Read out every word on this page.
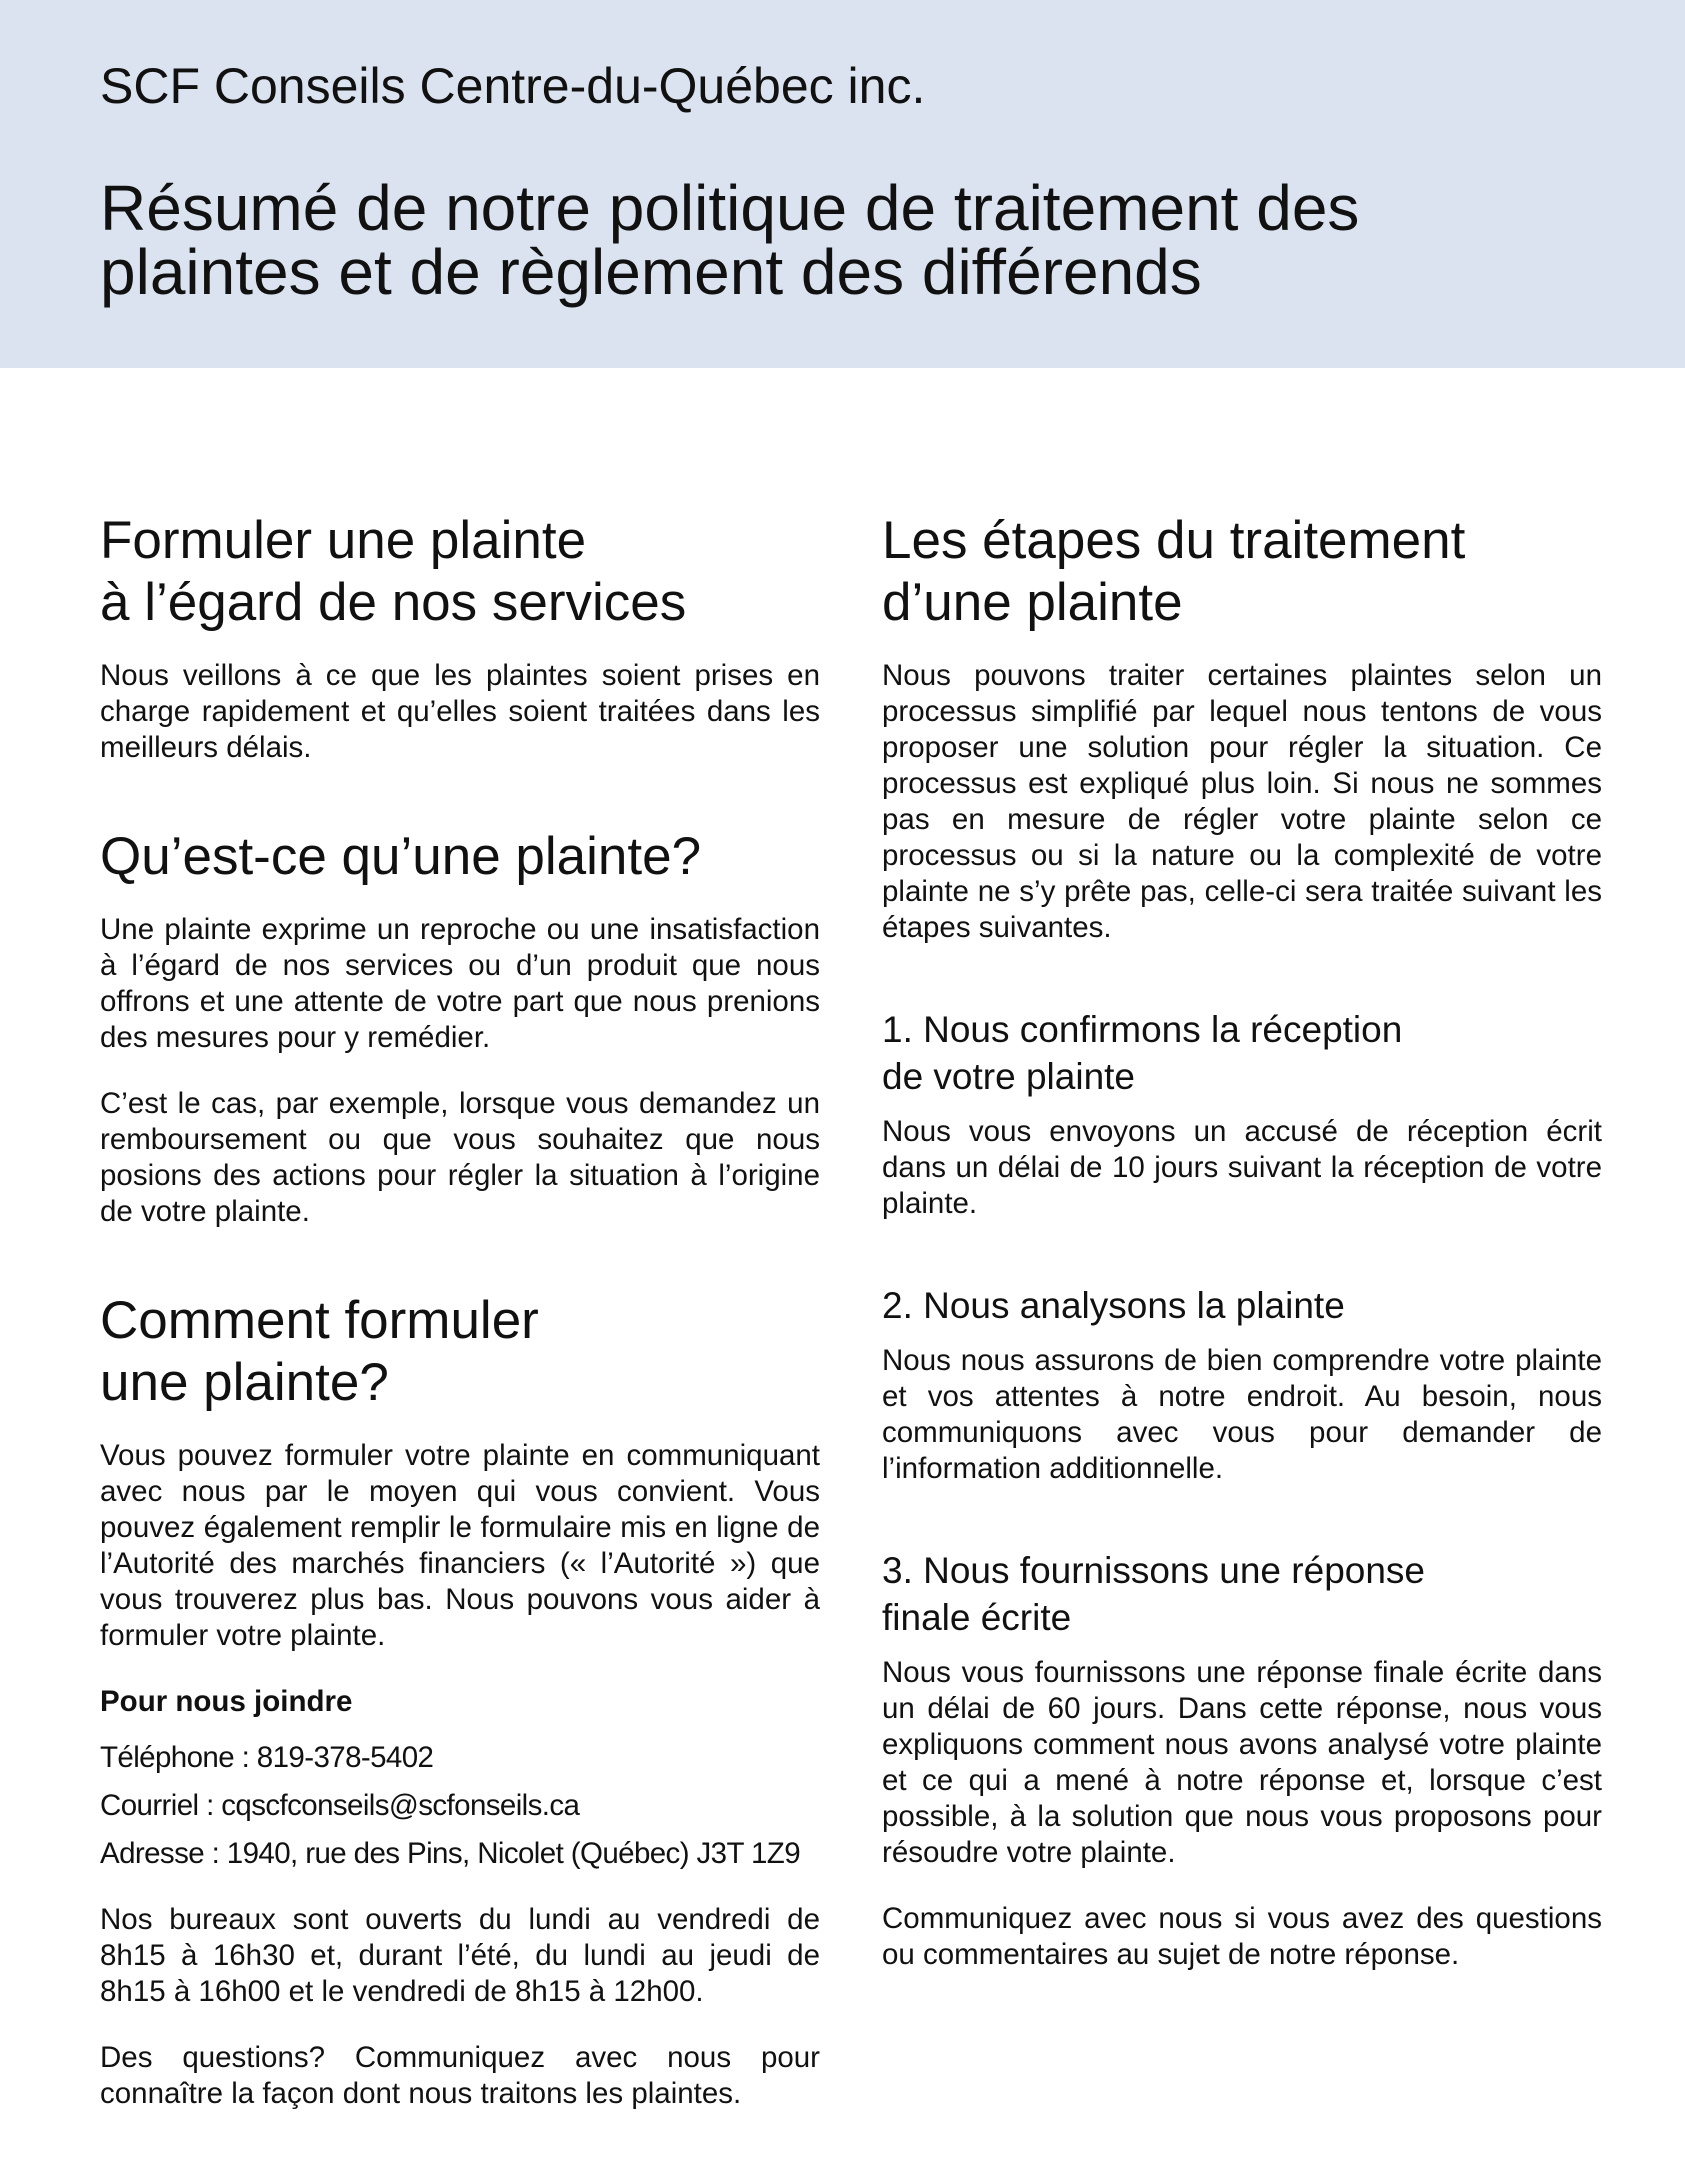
SCF Conseils Centre-du-Québec inc.
Résumé de notre politique de traitement des
plaintes et de règlement des différends
Formuler une plainte
à l’égard de nos services

Nous veillons à ce que les plaintes soient prises en charge rapidement et qu’elles soient traitées dans les meilleurs délais.

Qu’est-ce qu’une plainte?

Une plainte exprime un reproche ou une insatisfaction à l’égard de nos services ou d’un produit que nous offrons et une attente de votre part que nous prenions des mesures pour y remédier.

C’est le cas, par exemple, lorsque vous demandez un remboursement ou que vous souhaitez que nous posions des actions pour régler la situation à l’origine de votre plainte.

Comment formuler
une plainte?

Vous pouvez formuler votre plainte en communiquant avec nous par le moyen qui vous convient. Vous pouvez également remplir le formulaire mis en ligne de l’Autorité des marchés financiers (« l’Autorité ») que vous trouverez plus bas. Nous pouvons vous aider à formuler votre plainte.

Pour nous joindre

Téléphone : 819-378-5402

Courriel : cqscfconseils@scfonseils.ca

Adresse : 1940, rue des Pins, Nicolet (Québec) J3T 1Z9

Nos bureaux sont ouverts du lundi au vendredi de 8h15 à 16h30 et, durant l’été, du lundi au jeudi de 8h15 à 16h00 et le vendredi de 8h15 à 12h00.

Des questions? Communiquez avec nous pour connaître la façon dont nous traitons les plaintes.

Les étapes du traitement
d’une plainte

Nous pouvons traiter certaines plaintes selon un processus simplifié par lequel nous tentons de vous proposer une solution pour régler la situation. Ce processus est expliqué plus loin. Si nous ne sommes pas en mesure de régler votre plainte selon ce processus ou si la nature ou la complexité de votre plainte ne s’y prête pas, celle-ci sera traitée suivant les étapes suivantes.

1. Nous confirmons la réception
de votre plainte

Nous vous envoyons un accusé de réception écrit dans un délai de 10 jours suivant la réception de votre plainte.

2. Nous analysons la plainte

Nous nous assurons de bien comprendre votre plainte et vos attentes à notre endroit. Au besoin, nous communiquons avec vous pour demander de l’information additionnelle.

3. Nous fournissons une réponse
finale écrite

Nous vous fournissons une réponse finale écrite dans un délai de 60 jours. Dans cette réponse, nous vous expliquons comment nous avons analysé votre plainte et ce qui a mené à notre réponse et, lorsque c’est possible, à la solution que nous vous proposons pour résoudre votre plainte.

Communiquez avec nous si vous avez des questions ou commentaires au sujet de notre réponse.
